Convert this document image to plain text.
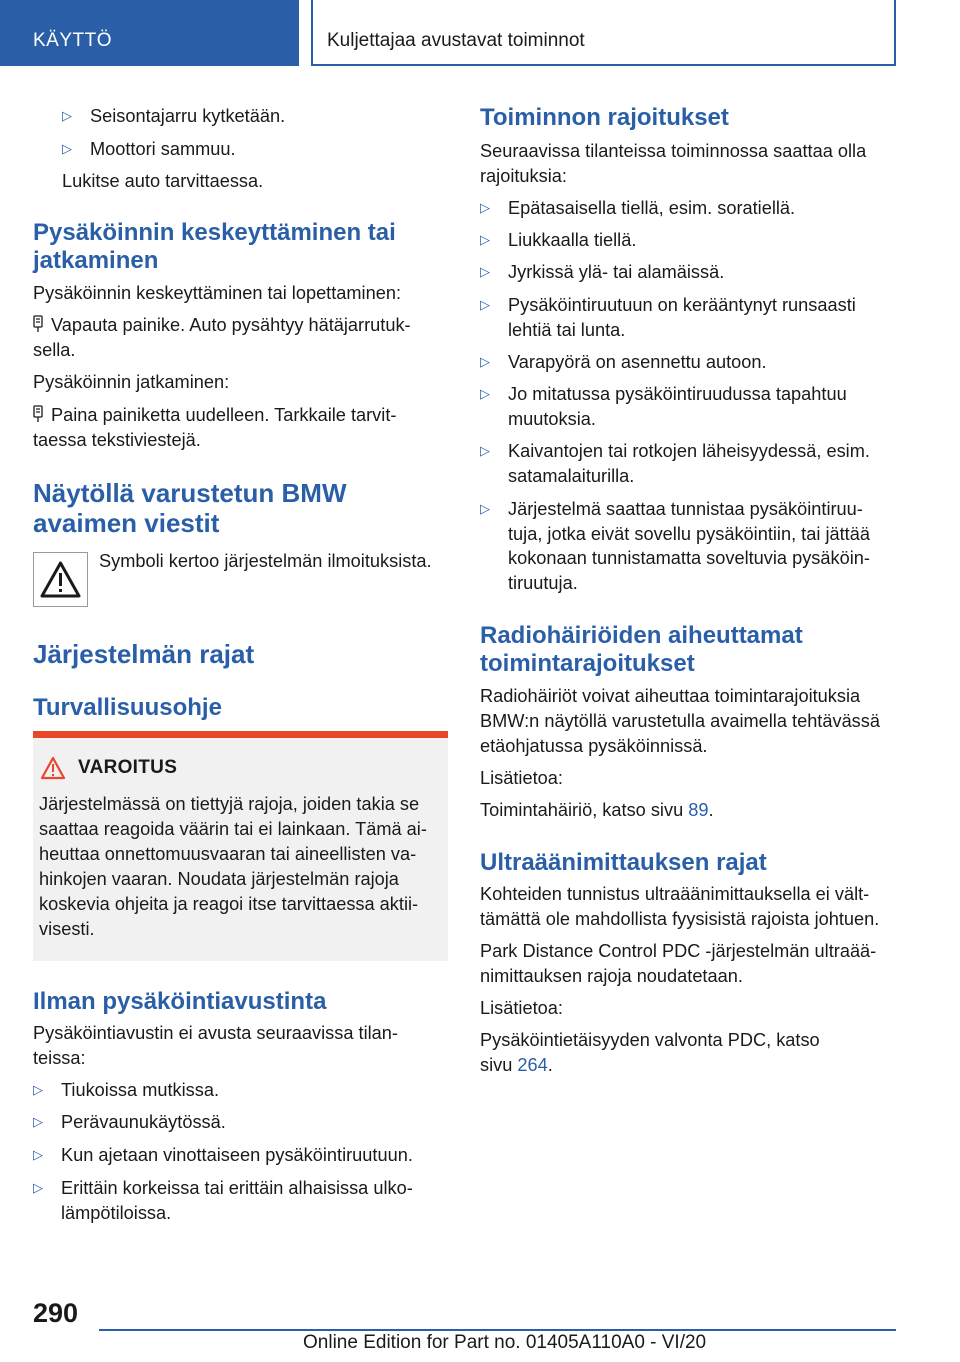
KÄYTTÖ	Kuljettajaa avustavat toiminnot
▷ Seisontajarru kytketään.
▷ Moottori sammuu.
Lukitse auto tarvittaessa.
Pysäköinnin keskeyttäminen tai
jatkaminen
Pysäköinnin keskeyttäminen tai lopettaminen:
Vapauta painike. Auto pysähtyy hätäjarrutuk-
sella.
Pysäköinnin jatkaminen:
Paina painiketta uudelleen. Tarkkaile tarvit-
taessa tekstiviestejä.
Näytöllä varustetun BMW
avaimen viestit
Symboli kertoo järjestelmän ilmoituksista.
Järjestelmän rajat
Turvallisuusohje
VAROITUS
Järjestelmässä on tiettyjä rajoja, joiden takia se
saattaa reagoida väärin tai ei lainkaan. Tämä ai-
heuttaa onnettomuusvaaran tai aineellisten va-
hinkojen vaaran. Noudata järjestelmän rajoja
koskevia ohjeita ja reagoi itse tarvittaessa aktii-
visesti.
Ilman pysäköintiavustinta
Pysäköintiavustin ei avusta seuraavissa tilan-
teissa:
▷ Tiukoissa mutkissa.
▷ Perävaunukäytössä.
▷ Kun ajetaan vinottaiseen pysäköintiruutuun.
▷ Erittäin korkeissa tai erittäin alhaisissa ulko-
lämpötiloissa.
Toiminnon rajoitukset
Seuraavissa tilanteissa toiminnossa saattaa olla
rajoituksia:
▷ Epätasaisella tiellä, esim. soratiellä.
▷ Liukkaalla tiellä.
▷ Jyrkissä ylä- tai alamäissä.
▷ Pysäköintiruutuun on kerääntynyt runsaasti
lehtiä tai lunta.
▷ Varapyörä on asennettu autoon.
▷ Jo mitatussa pysäköintiruudussa tapahtuu
muutoksia.
▷ Kaivantojen tai rotkojen läheisyydessä, esim.
satamalaiturilla.
▷ Järjestelmä saattaa tunnistaa pysäköintiruu-
tuja, jotka eivät sovellu pysäköintiin, tai jättää
kokonaan tunnistamatta soveltuvia pysäköin-
tiruutuja.
Radiohäiriöiden aiheuttamat
toimintarajoitukset
Radiohäiriöt voivat aiheuttaa toimintarajoituksia
BMW:n näytöllä varustetulla avaimella tehtävässä
etäohjatussa pysäköinnissä.
Lisätietoa:
Toimintahäiriö, katso sivu 89.
Ultraäänimittauksen rajat
Kohteiden tunnistus ultraäänimittauksella ei vält-
tämättä ole mahdollista fyysisistä rajoista johtuen.
Park Distance Control PDC -järjestelmän ultraää-
nimittauksen rajoja noudatetaan.
Lisätietoa:
Pysäköintietäisyyden valvonta PDC, katso
sivu 264.
290
Online Edition for Part no. 01405A110A0 - VI/20
